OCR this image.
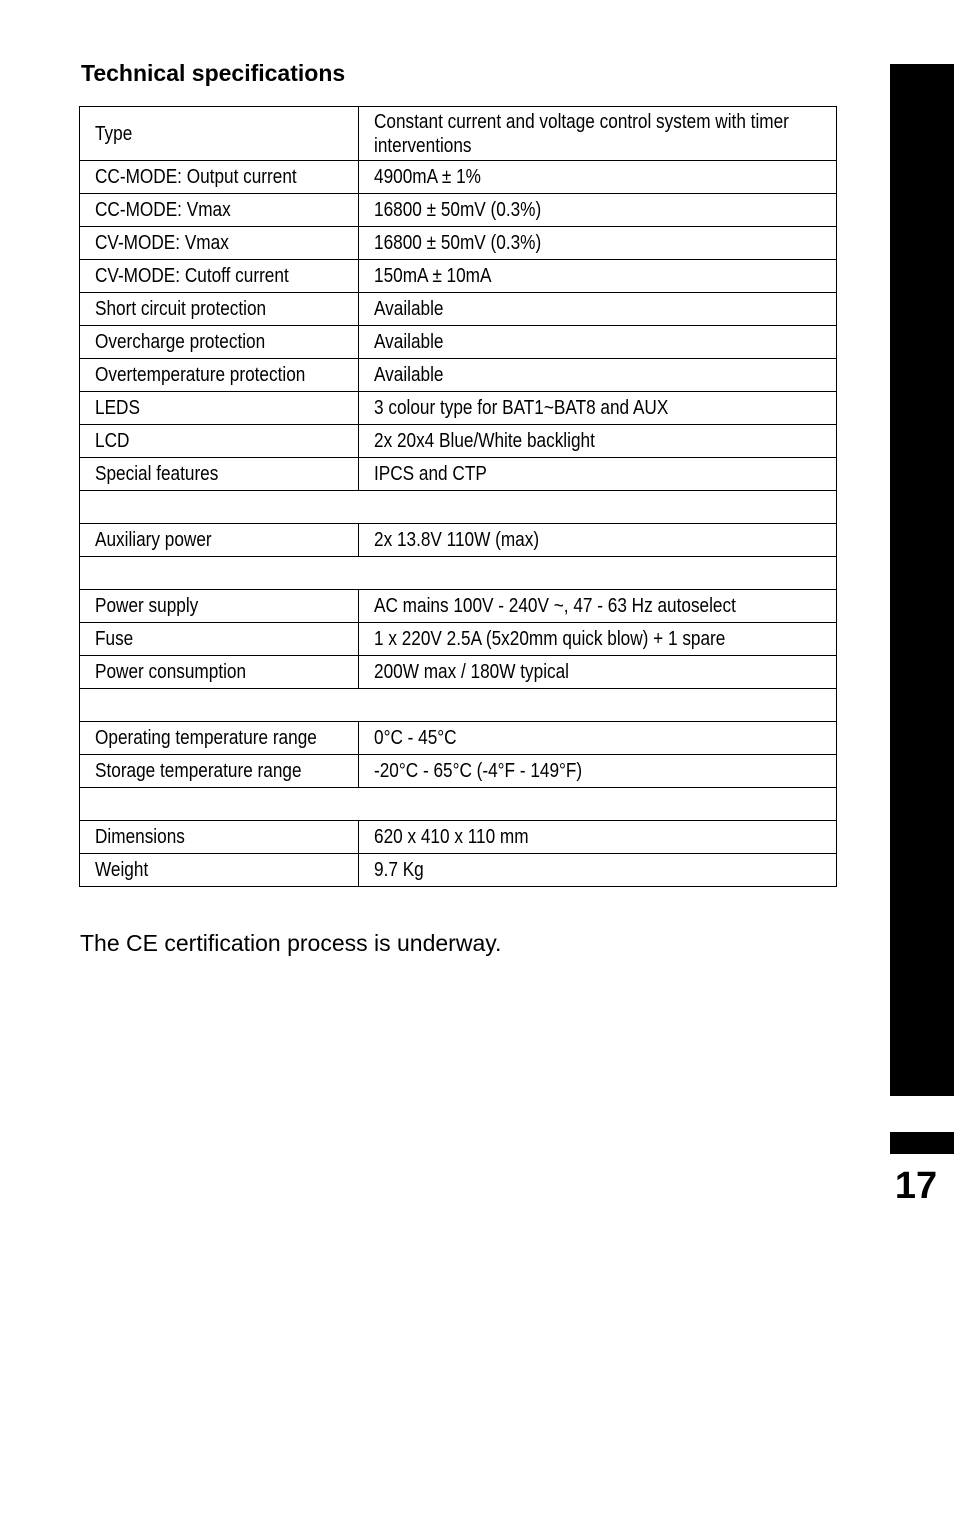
Technical specifications
Type	Constant current and voltage control system with timer interventions
CC-MODE: Output current	4900mA ± 1%
CC-MODE: Vmax	16800 ± 50mV (0.3%)
CV-MODE: Vmax	16800 ± 50mV (0.3%)
CV-MODE: Cutoff current	150mA ± 10mA
Short circuit protection	Available
Overcharge protection	Available
Overtemperature protection	Available
LEDS	3 colour type for BAT1~BAT8 and AUX
LCD	2x 20x4 Blue/White backlight
Special features	IPCS and CTP

Auxiliary power	2x 13.8V 110W (max)

Power supply	AC mains 100V - 240V ~, 47 - 63 Hz autoselect
Fuse	1 x 220V 2.5A (5x20mm quick blow) + 1 spare
Power consumption	200W max / 180W typical

Operating temperature range	0°C - 45°C
Storage temperature range	-20°C - 65°C (-4°F - 149°F)

Dimensions	620 x 410 x 110 mm
Weight	9.7 Kg

The CE certification process is underway.

17
